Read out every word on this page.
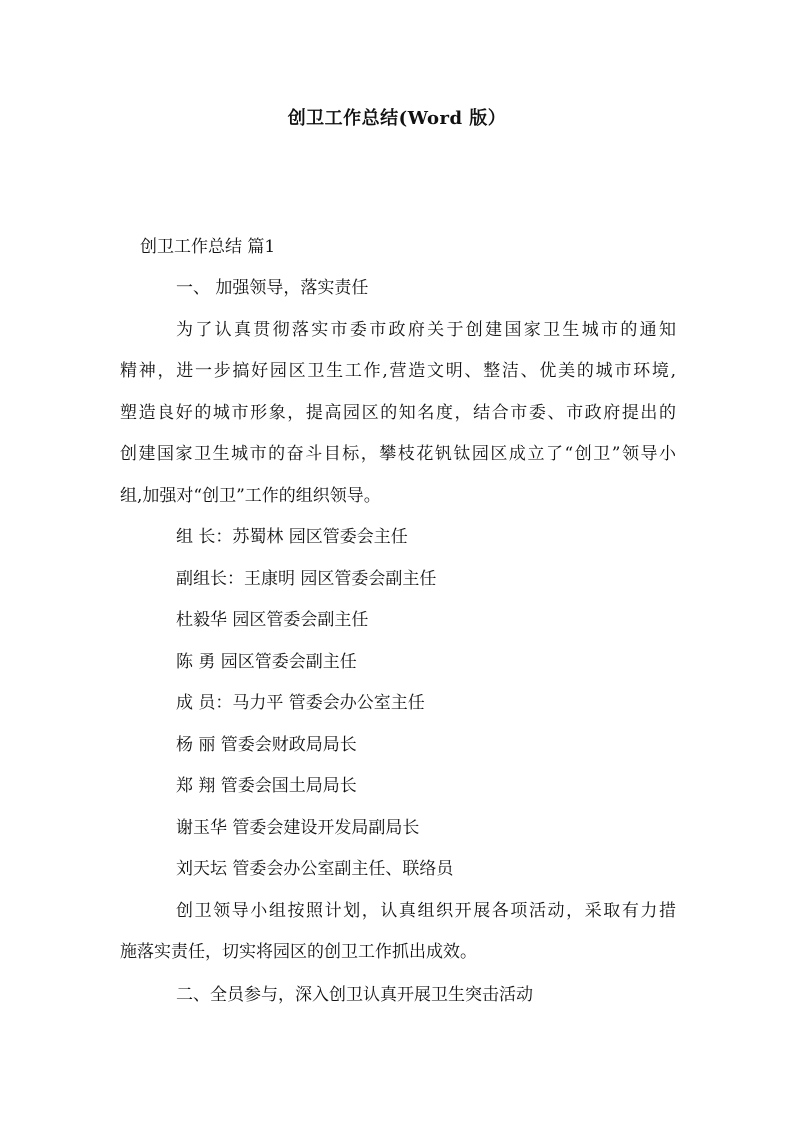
创卫工作总结(Word 版）
创卫工作总结 篇1
一、 加强领导，落实责任
为了认真贯彻落实市委市政府关于创建国家卫生城市的通知
精神，进一步搞好园区卫生工作,营造文明、整洁、优美的城市环境,
塑造良好的城市形象，提高园区的知名度，结合市委、市政府提出的
创建国家卫生城市的奋斗目标，攀枝花钒钛园区成立了“创卫”领导小
组,加强对“创卫”工作的组织领导。
组 长：苏蜀林 园区管委会主任
副组长：王康明 园区管委会副主任
杜毅华 园区管委会副主任
陈 勇 园区管委会副主任
成 员：马力平 管委会办公室主任
杨 丽 管委会财政局局长
郑 翔 管委会国土局局长
谢玉华 管委会建设开发局副局长
刘天坛 管委会办公室副主任、联络员
创卫领导小组按照计划，认真组织开展各项活动，采取有力措
施落实责任，切实将园区的创卫工作抓出成效。
二、全员参与，深入创卫认真开展卫生突击活动
